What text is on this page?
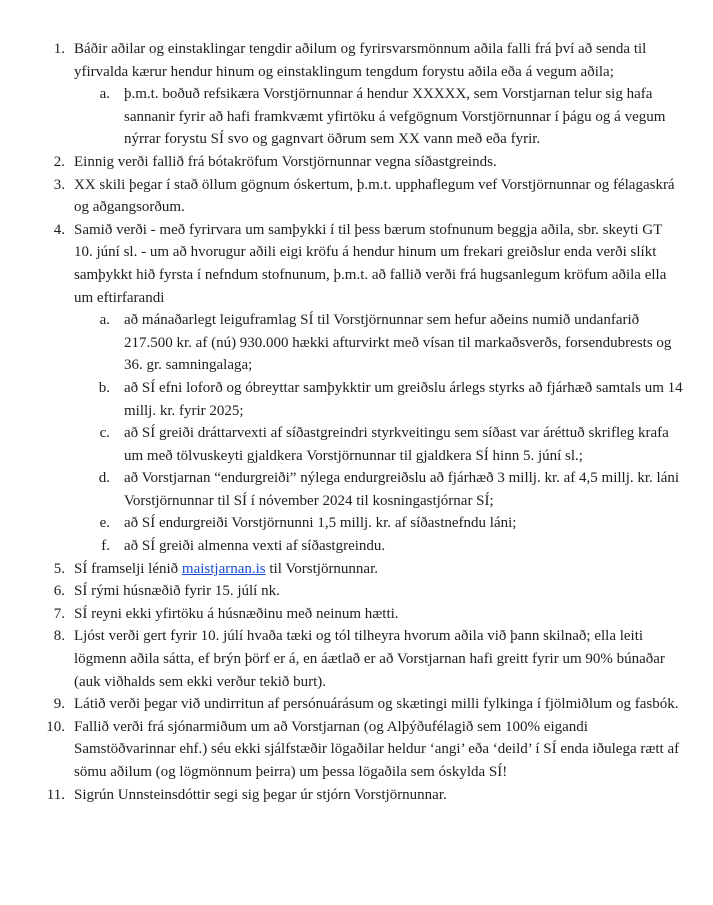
1. Báðir aðilar og einstaklingar tengdir aðilum og fyrirsvarsmönnum aðila falli frá því að senda til yfirvalda kærur hendur hinum og einstaklingum tengdum forystu aðila eða á vegum aðila;
a. þ.m.t. boðuð refsikæra Vorstjörnunnar á hendur XXXXX, sem Vorstjarnan telur sig hafa sannanir fyrir að hafi framkvæmt yfirtöku á vefgögnum Vorstjörnunnar í þágu og á vegum nýrrar forystu SÍ svo og gagnvart öðrum sem XX vann með eða fyrir.
2. Einnig verði fallið frá bótakröfum Vorstjörnunnar vegna síðastgreinds.
3. XX skili þegar í stað öllum gögnum óskertum, þ.m.t. upphaflegum vef Vorstjörnunnar og félagaskrá og aðgangsorðum.
4. Samið verði - með fyrirvara um samþykki í til þess bærum stofnunum beggja aðila, sbr. skeyti GT 10. júní sl. - um að hvorugur aðili eigi kröfu á hendur hinum um frekari greiðslur enda verði slíkt samþykkt hið fyrsta í nefndum stofnunum, þ.m.t. að fallið verði frá hugsanlegum kröfum aðila ella um eftirfarandi
a. að mánaðarlegt leiguframlag SÍ til Vorstjörnunnar sem hefur aðeins numið undanfarið 217.500 kr. af (nú) 930.000 hækki afturvirkt með vísan til markaðsverðs, forsendubrests og 36. gr. samningalaga;
b. að SÍ efni loforð og óbreyttar samþykktir um greiðslu árlegs styrks að fjárhæð samtals um 14 millj. kr. fyrir 2025;
c. að SÍ greiði dráttarvexti af síðastgreindri styrkveitingu sem síðast var áréttuð skrifleg krafa um með tölvuskeyti gjaldkera Vorstjörnunnar til gjaldkera SÍ hinn 5. júní sl.;
d. að Vorstjarnan “endurgreiði” nýlega endurgreiðslu að fjárhæð 3 millj. kr. af 4,5 millj. kr. láni Vorstjörnunnar til SÍ í nóvember 2024 til kosningastjórnar SÍ;
e. að SÍ endurgreiði Vorstjörnunni 1,5 millj. kr. af síðastnefndu láni;
f. að SÍ greiði almenna vexti af síðastgreindu.
5. SÍ framselji lénið maistjarnan.is til Vorstjörnunnar.
6. SÍ rými húsnæðið fyrir 15. júlí nk.
7. SÍ reyni ekki yfirtöku á húsnæðinu með neinum hætti.
8. Ljóst verði gert fyrir 10. júlí hvaða tæki og tól tilheyra hvorum aðila við þann skilnað; ella leiti lögmenn aðila sátta, ef brýn þörf er á, en áætlað er að Vorstjarnan hafi greitt fyrir um 90% búnaðar (auk viðhalds sem ekki verður tekið burt).
9. Látið verði þegar við undirritun af persónuárásum og skætingi milli fylkinga í fjölmiðlum og fasbók.
10. Fallið verði frá sjónarmiðum um að Vorstjarnan (og Alþýðufélagið sem 100% eigandi Samstöðvarinnar ehf.) séu ekki sjálfstæðir lögaðilar heldur ‘angi’ eða ‘deild’ í SÍ enda iðulega rætt af sömu aðilum (og lögmönnum þeirra) um þessa lögaðila sem óskylda SÍ!
11. Sigrún Unnsteinsdóttir segi sig þegar úr stjórn Vorstjörnunnar.
